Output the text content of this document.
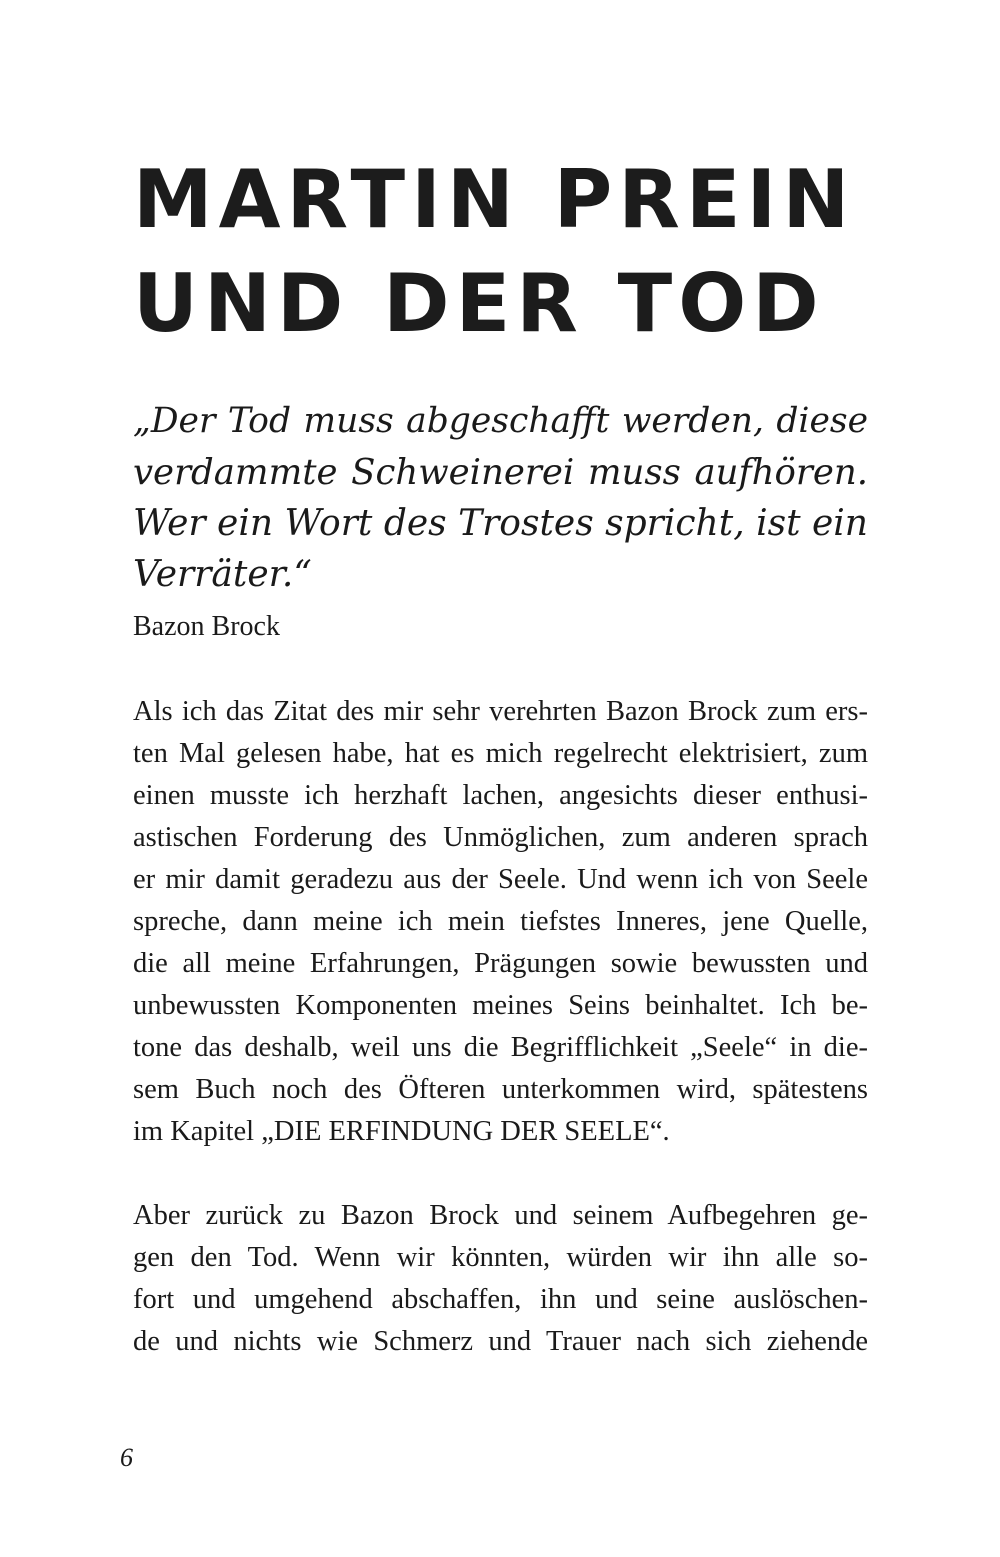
MARTIN PREIN
UND DER TOD
„Der Tod muss abgeschafft werden, diese
verdammte Schweinerei muss aufhören.
Wer ein Wort des Trostes spricht, ist ein
Verräter.“
Bazon Brock
Als ich das Zitat des mir sehr verehrten Bazon Brock zum ers-
ten Mal gelesen habe, hat es mich regelrecht elektrisiert, zum
einen musste ich herzhaft lachen, angesichts dieser enthusi-
astischen Forderung des Unmöglichen, zum anderen sprach
er mir damit geradezu aus der Seele. Und wenn ich von Seele
spreche, dann meine ich mein tiefstes Inneres, jene Quelle,
die all meine Erfahrungen, Prägungen sowie bewussten und
unbewussten Komponenten meines Seins beinhaltet. Ich be-
tone das deshalb, weil uns die Begrifflichkeit „Seele“ in die-
sem Buch noch des Öfteren unterkommen wird, spätestens
im Kapitel „DIE ERFINDUNG DER SEELE“.
Aber zurück zu Bazon Brock und seinem Aufbegehren ge-
gen den Tod. Wenn wir könnten, würden wir ihn alle so-
fort und umgehend abschaffen, ihn und seine auslöschen-
de und nichts wie Schmerz und Trauer nach sich ziehende
6
